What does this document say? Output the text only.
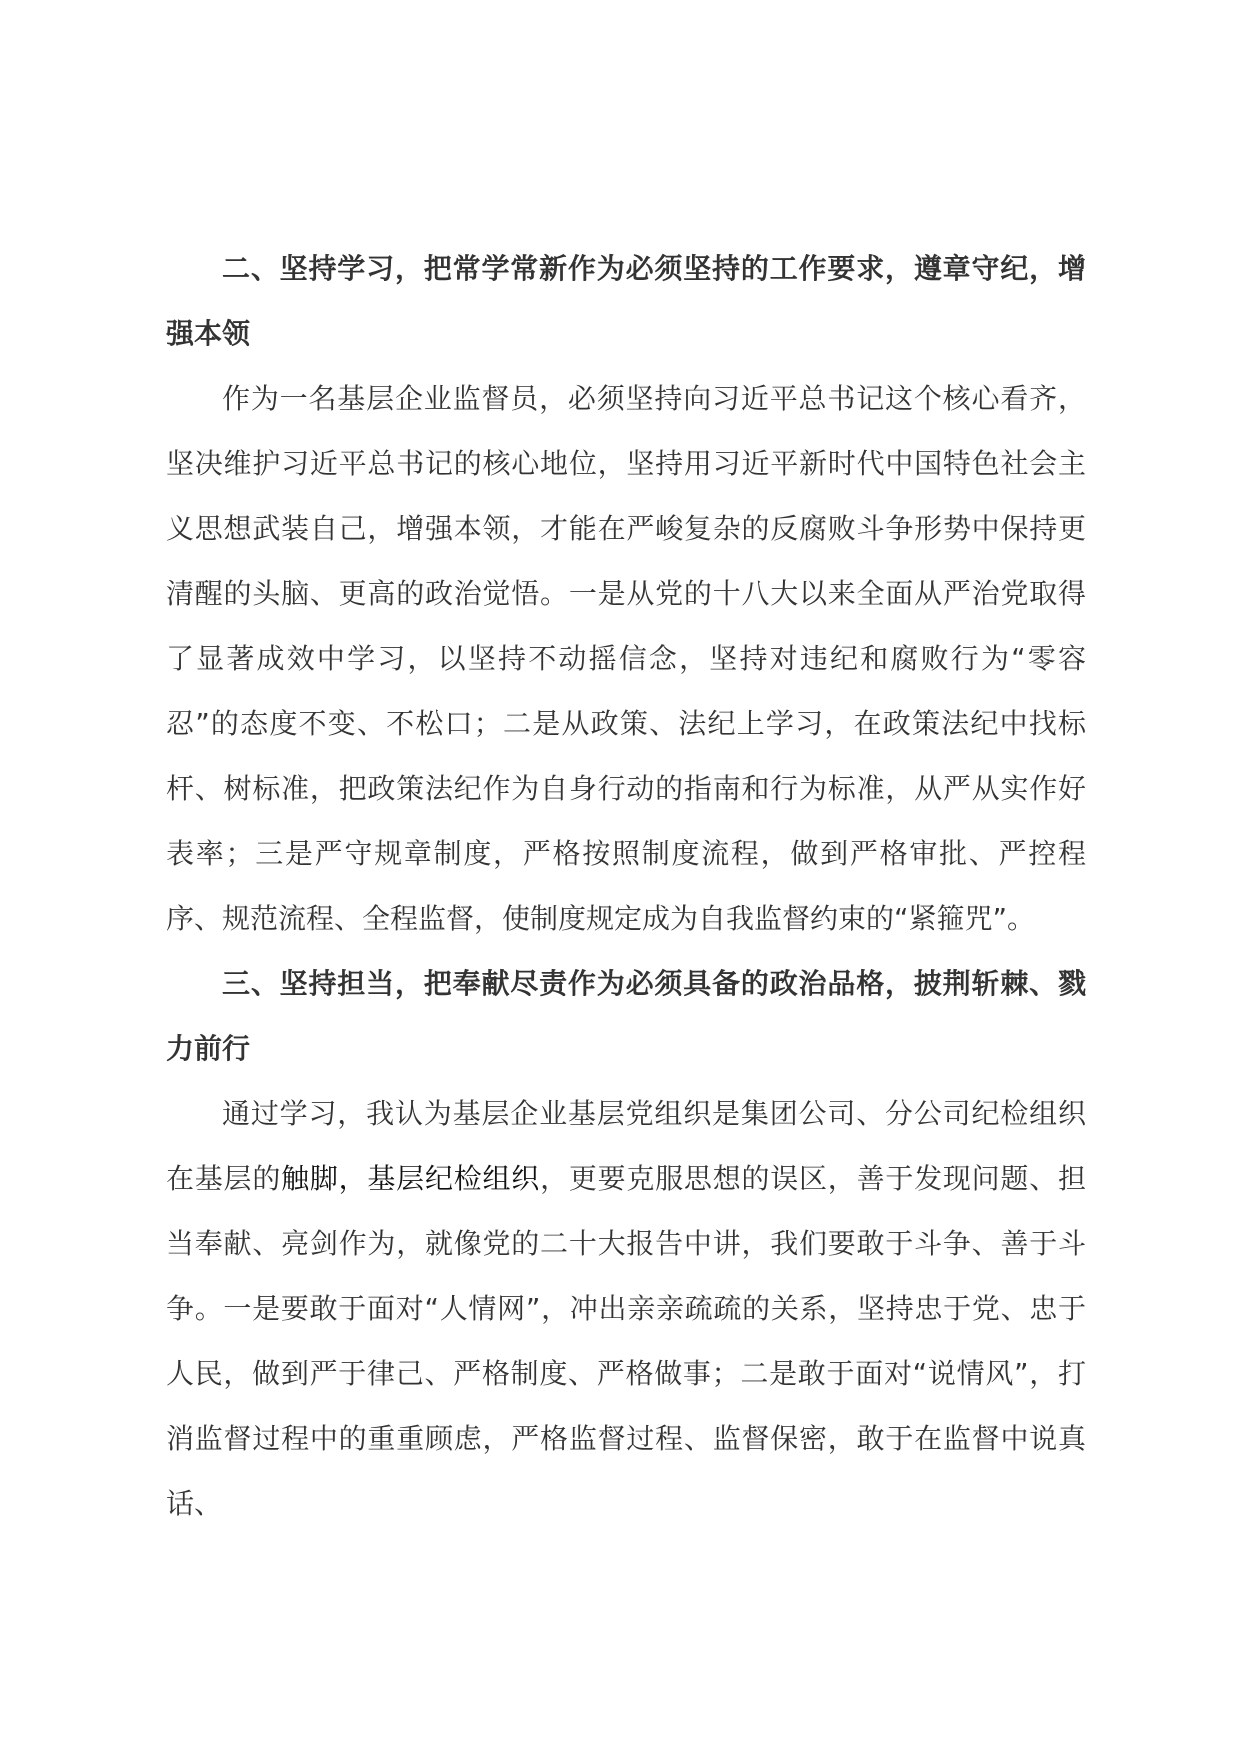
二、坚持学习，把常学常新作为必须坚持的工作要求，遵章守纪，增强本领

作为一名基层企业监督员，必须坚持向习近平总书记这个核心看齐，坚决维护习近平总书记的核心地位，坚持用习近平新时代中国特色社会主义思想武装自己，增强本领，才能在严峻复杂的反腐败斗争形势中保持更清醒的头脑、更高的政治觉悟。一是从党的十八大以来全面从严治党取得了显著成效中学习，以坚持不动摇信念，坚持对违纪和腐败行为“零容忍”的态度不变、不松口；二是从政策、法纪上学习，在政策法纪中找标杆、树标准，把政策法纪作为自身行动的指南和行为标准，从严从实作好表率；三是严守规章制度，严格按照制度流程，做到严格审批、严控程序、规范流程、全程监督，使制度规定成为自我监督约束的“紧箍咒”。

三、坚持担当，把奉献尽责作为必须具备的政治品格，披荆斩棘、戮力前行

通过学习，我认为基层企业基层党组织是集团公司、分公司纪检组织在基层的触脚，基层纪检组织，更要克服思想的误区，善于发现问题、担当奉献、亮剑作为，就像党的二十大报告中讲，我们要敢于斗争、善于斗争。一是要敢于面对“人情网”，冲出亲亲疏疏的关系，坚持忠于党、忠于人民，做到严于律己、严格制度、严格做事；二是敢于面对“说情风”，打消监督过程中的重重顾虑，严格监督过程、监督保密，敢于在监督中说真话、
